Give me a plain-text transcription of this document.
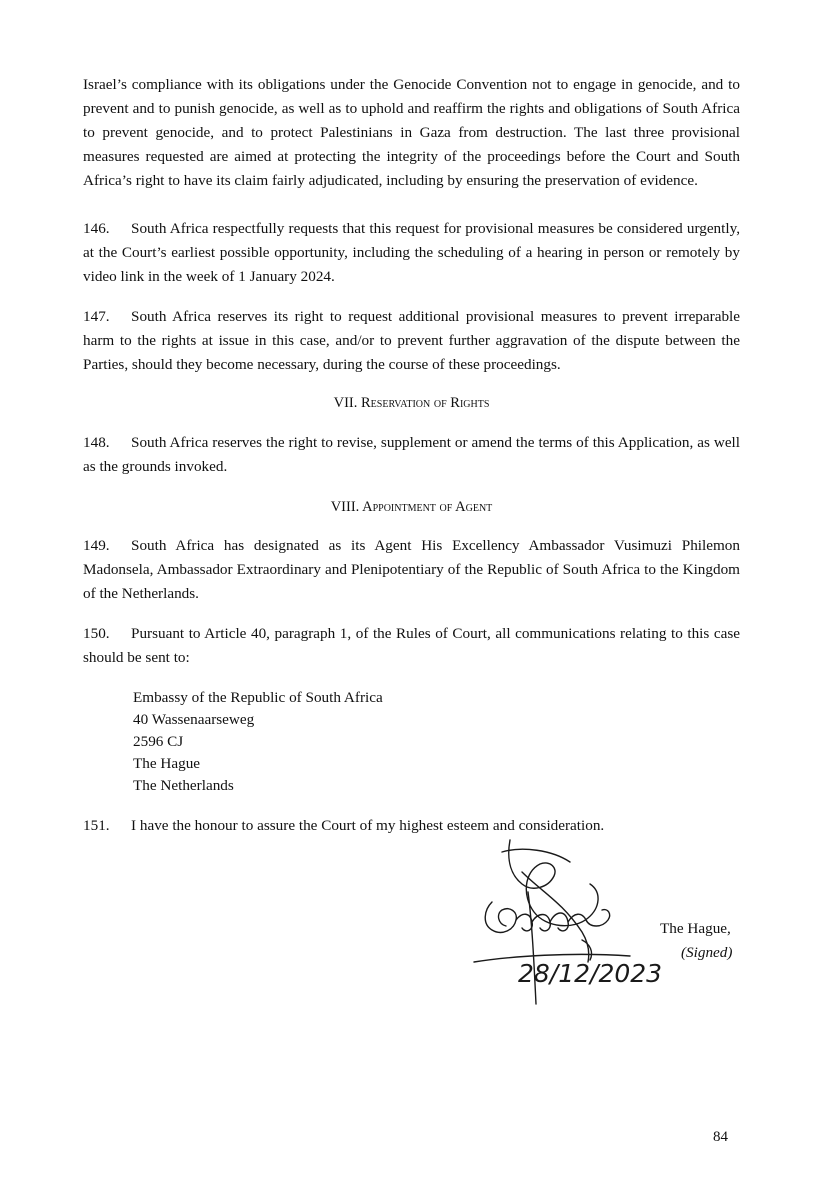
Israel’s compliance with its obligations under the Genocide Convention not to engage in genocide, and to prevent and to punish genocide, as well as to uphold and reaffirm the rights and obligations of South Africa to prevent genocide, and to protect Palestinians in Gaza from destruction. The last three provisional measures requested are aimed at protecting the integrity of the proceedings before the Court and South Africa’s right to have its claim fairly adjudicated, including by ensuring the preservation of evidence.

146. South Africa respectfully requests that this request for provisional measures be considered urgently, at the Court’s earliest possible opportunity, including the scheduling of a hearing in person or remotely by video link in the week of 1 January 2024.

147. South Africa reserves its right to request additional provisional measures to prevent irreparable harm to the rights at issue in this case, and/or to prevent further aggravation of the dispute between the Parties, should they become necessary, during the course of these proceedings.

VII. Reservation of Rights

148. South Africa reserves the right to revise, supplement or amend the terms of this Application, as well as the grounds invoked.

VIII. Appointment of Agent

149. South Africa has designated as its Agent His Excellency Ambassador Vusimuzi Philemon Madonsela, Ambassador Extraordinary and Plenipotentiary of the Republic of South Africa to the Kingdom of the Netherlands.

150. Pursuant to Article 40, paragraph 1, of the Rules of Court, all communications relating to this case should be sent to:

Embassy of the Republic of South Africa
40 Wassenaarseweg
2596 CJ
The Hague
The Netherlands
151. I have the honour to assure the Court of my highest esteem and consideration.
28/12/2023
The Hague,
(Signed)
84
